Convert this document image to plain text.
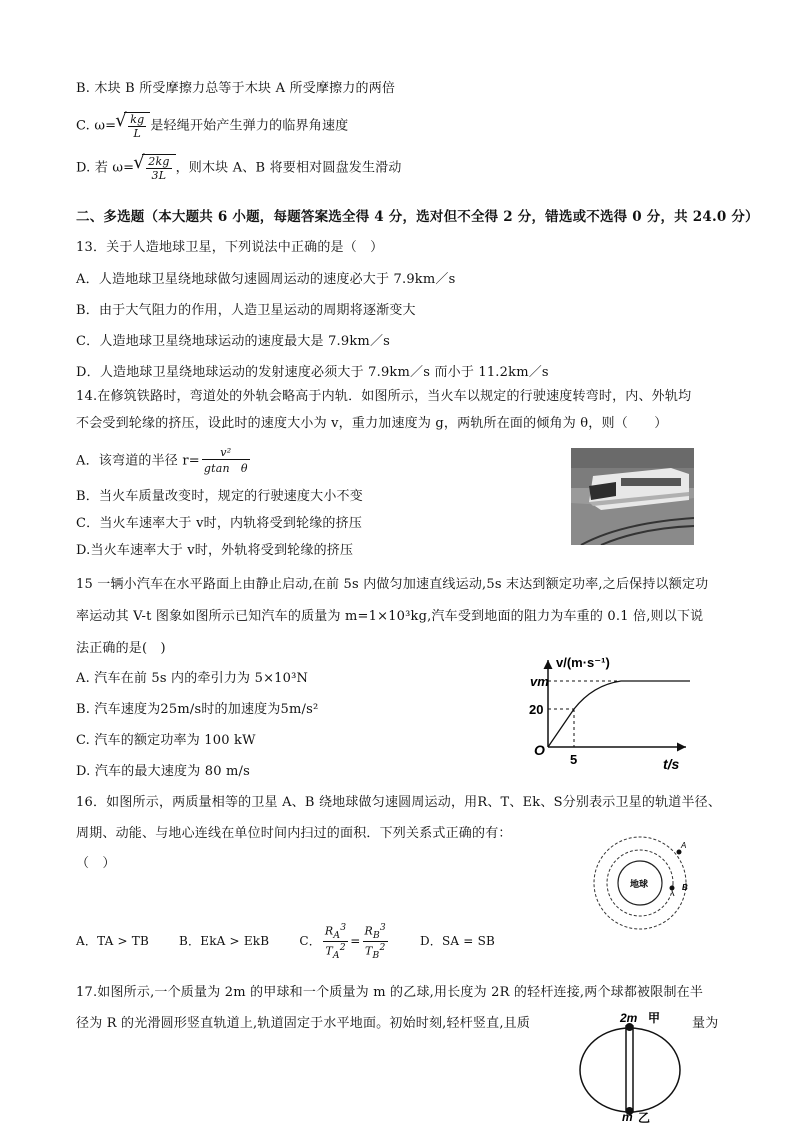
B. 木块 B 所受摩擦力总等于木块 A 所受摩擦力的两倍
C. ω= √ $\frac{kg}{L}$ 是轻绳开始产生弹力的临界角速度
D. 若 ω= √ $\frac{2kg}{3L}$ ，则木块 A、B 将要相对圆盘发生滑动
二、多选题（本大题共 6 小题，每题答案选全得 4 分，选对但不全得 2 分，错选或不选得 0 分，共 24.0 分）
13．关于人造地球卫星，下列说法中正确的是（　）
A．人造地球卫星绕地球做匀速圆周运动的速度必大于 7.9km／s
B．由于大气阻力的作用，人造卫星运动的周期将逐渐变大
C．人造地球卫星绕地球运动的速度最大是 7.9km／s
D．人造地球卫星绕地球运动的发射速度必须大于 7.9km／s 而小于 11.2km／s
14.在修筑铁路时，弯道处的外轨会略高于内轨．如图所示，当火车以规定的行驶速度转弯时，内、外轨均
不会受到轮缘的挤压，设此时的速度大小为 v，重力加速度为 g，两轨所在面的倾角为 θ，则（　　）
A．该弯道的半径 $r= \frac{\text{v²}}{\text{gtan　θ}}$
B．当火车质量改变时，规定的行驶速度大小不变
C．当火车速率大于 v时，内轨将受到轮缘的挤压
D.当火车速率大于 v时，外轨将受到轮缘的挤压
15 一辆小汽车在水平路面上由静止启动,在前 5s 内做匀加速直线运动,5s 末达到额定功率,之后保持以额定功
率运动其 V-t 图象如图所示已知汽车的质量为 m=1×10³kg,汽车受到地面的阻力为车重的 0.1 倍,则以下说
法正确的是(　)
A. 汽车在前 5s 内的牵引力为 5×10³N
B. 汽车速度为25m/s时的加速度为5m/s²
C. 汽车的额定功率为 100 kW
D. 汽车的最大速度为 80 m/s
v/(m·s⁻¹)
vm
20
O
5	t/s
16．如图所示，两质量相等的卫星 A、B 绕地球做匀速圆周运动，用R、T、Ek、S分别表示卫星的轨道半径、
周期、动能、与地心连线在单位时间内扫过的面积．下列关系式正确的有：
（　）
A．TA > TB	B．EkA > EkB	C． $\frac{R_A^3}{T_A^2} = \frac{R_B^3}{T_B^2}$	D．SA = SB
地球
A
B
17.如图所示,一个质量为 2m 的甲球和一个质量为 m 的乙球,用长度为 2R 的轻杆连接,两个球都被限制在半
径为 R 的光滑圆形竖直轨道上,轨道固定于水平地面。初始时刻,轻杆竖直,且质	量为
2m 甲
m 乙
